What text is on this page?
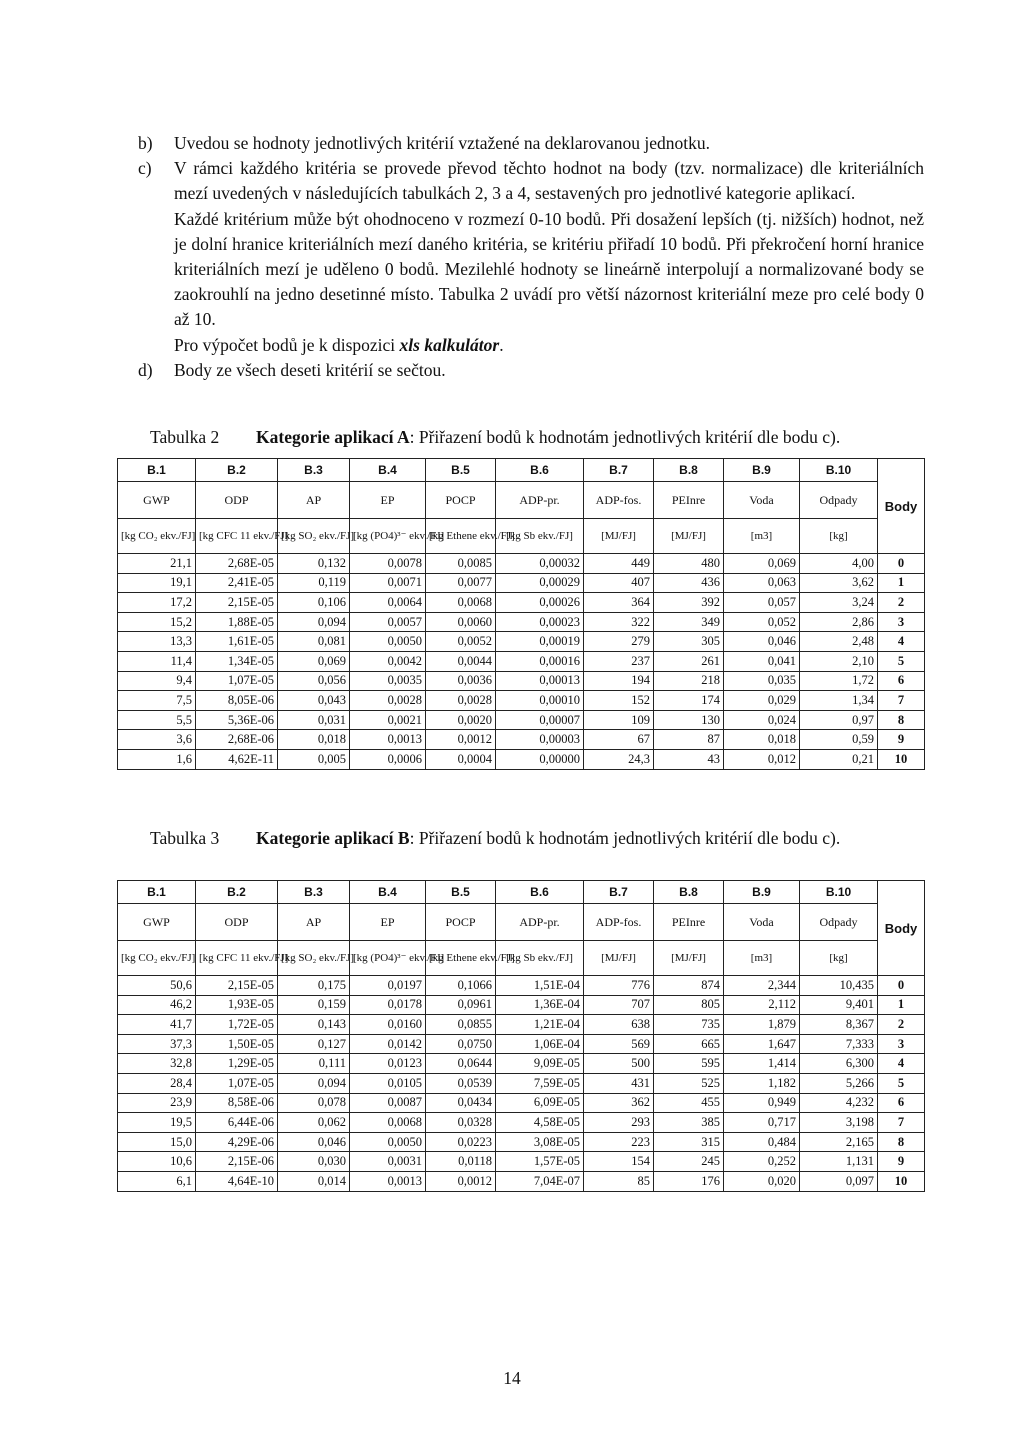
b)	Uvedou se hodnoty jednotlivých kritérií vztažené na deklarovanou jednotku.
c)	V rámci každého kritéria se provede převod těchto hodnot na body (tzv. normalizace) dle kriteriálních mezí uvedených v následujících tabulkách 2, 3 a 4, sestavených pro jednotlivé kategorie aplikací.
Každé kritérium může být ohodnoceno v rozmezí 0-10 bodů. Při dosažení lepších (tj. nižších) hodnot, než je dolní hranice kriteriálních mezí daného kritéria, se kritériu přiřadí 10 bodů. Při překročení horní hranice kriteriálních mezí je uděleno 0 bodů. Mezilehlé hodnoty se lineárně interpolují a normalizované body se zaokrouhlí na jedno desetinné místo. Tabulka 2 uvádí pro větší názornost kriteriální meze pro celé body 0 až 10.
Pro výpočet bodů je k dispozici xls kalkulátor.
d)	Body ze všech deseti kritérií se sečtou.
Tabulka 2 Kategorie aplikací A: Přiřazení bodů k hodnotám jednotlivých kritérií dle bodu c).
B.1	B.2	B.3	B.4	B.5	B.6	B.7	B.8	B.9	B.10	Body
GWP	ODP	AP	EP	POCP	ADP-pr.	ADP-fos.	PEInre	Voda	Odpady	
[kg CO₂ ekv./FJ]	[kg CFC 11 ekv./FJ]	[kg SO₂ ekv./FJ]	[kg (PO4)³⁻ ekv./FJ]	[kg Ethene ekv./FJ]	[kg Sb ekv./FJ]	[MJ/FJ]	[MJ/FJ]	[m3]	[kg]	
21,1	2,68E-05	0,132	0,0078	0,0085	0,00032	449	480	0,069	4,00	0
19,1	2,41E-05	0,119	0,0071	0,0077	0,00029	407	436	0,063	3,62	1
17,2	2,15E-05	0,106	0,0064	0,0068	0,00026	364	392	0,057	3,24	2
15,2	1,88E-05	0,094	0,0057	0,0060	0,00023	322	349	0,052	2,86	3
13,3	1,61E-05	0,081	0,0050	0,0052	0,00019	279	305	0,046	2,48	4
11,4	1,34E-05	0,069	0,0042	0,0044	0,00016	237	261	0,041	2,10	5
9,4	1,07E-05	0,056	0,0035	0,0036	0,00013	194	218	0,035	1,72	6
7,5	8,05E-06	0,043	0,0028	0,0028	0,00010	152	174	0,029	1,34	7
5,5	5,36E-06	0,031	0,0021	0,0020	0,00007	109	130	0,024	0,97	8
3,6	2,68E-06	0,018	0,0013	0,0012	0,00003	67	87	0,018	0,59	9
1,6	4,62E-11	0,005	0,0006	0,0004	0,00000	24,3	43	0,012	0,21	10
Tabulka 3 Kategorie aplikací B: Přiřazení bodů k hodnotám jednotlivých kritérií dle bodu c).
B.1	B.2	B.3	B.4	B.5	B.6	B.7	B.8	B.9	B.10	Body
GWP	ODP	AP	EP	POCP	ADP-pr.	ADP-fos.	PEInre	Voda	Odpady	
[kg CO₂ ekv./FJ]	[kg CFC 11 ekv./FJ]	[kg SO₂ ekv./FJ]	[kg (PO4)³⁻ ekv./FJ]	[kg Ethene ekv./FJ]	[kg Sb ekv./FJ]	[MJ/FJ]	[MJ/FJ]	[m3]	[kg]	
50,6	2,15E-05	0,175	0,0197	0,1066	1,51E-04	776	874	2,344	10,435	0
46,2	1,93E-05	0,159	0,0178	0,0961	1,36E-04	707	805	2,112	9,401	1
41,7	1,72E-05	0,143	0,0160	0,0855	1,21E-04	638	735	1,879	8,367	2
37,3	1,50E-05	0,127	0,0142	0,0750	1,06E-04	569	665	1,647	7,333	3
32,8	1,29E-05	0,111	0,0123	0,0644	9,09E-05	500	595	1,414	6,300	4
28,4	1,07E-05	0,094	0,0105	0,0539	7,59E-05	431	525	1,182	5,266	5
23,9	8,58E-06	0,078	0,0087	0,0434	6,09E-05	362	455	0,949	4,232	6
19,5	6,44E-06	0,062	0,0068	0,0328	4,58E-05	293	385	0,717	3,198	7
15,0	4,29E-06	0,046	0,0050	0,0223	3,08E-05	223	315	0,484	2,165	8
10,6	2,15E-06	0,030	0,0031	0,0118	1,57E-05	154	245	0,252	1,131	9
6,1	4,64E-10	0,014	0,0013	0,0012	7,04E-07	85	176	0,020	0,097	10
14
